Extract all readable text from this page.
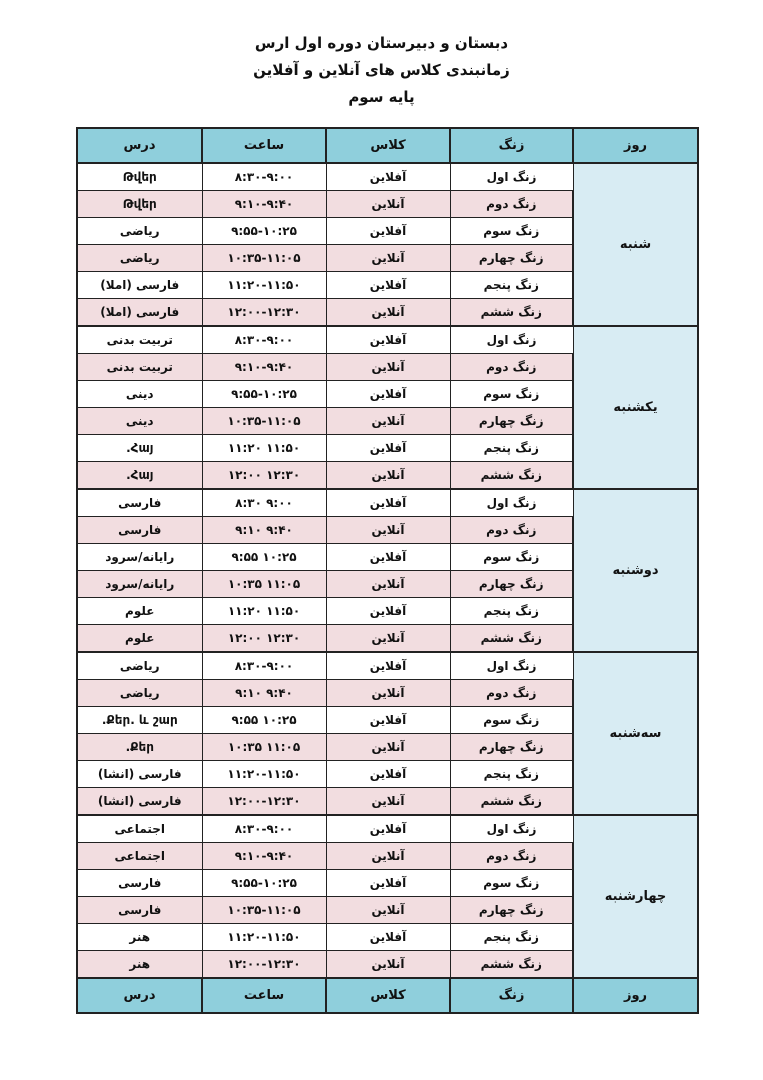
دبستان و دبیرستان دوره اول ارس
زمانبندی کلاس های آنلاین و آفلاین
پایه سوم
روز	زنگ	کلاس	ساعت	درس
شنبه	زنگ اول	آفلاین	۸:۳۰-۹:۰۰	Թվեր
	زنگ دوم	آنلاین	۹:۱۰-۹:۴۰	Թվեր
	زنگ سوم	آفلاین	۹:۵۵-۱۰:۲۵	ریاضی
	زنگ چهارم	آنلاین	۱۰:۳۵-۱۱:۰۵	ریاضی
	زنگ پنجم	آفلاین	۱۱:۲۰-۱۱:۵۰	فارسی (املا)
	زنگ ششم	آنلاین	۱۲:۰۰-۱۲:۳۰	فارسی (املا)
یکشنبه	زنگ اول	آفلاین	۸:۳۰-۹:۰۰	تربیت بدنی
	زنگ دوم	آنلاین	۹:۱۰-۹:۴۰	تربیت بدنی
	زنگ سوم	آفلاین	۹:۵۵-۱۰:۲۵	دینی
	زنگ چهارم	آنلاین	۱۰:۳۵-۱۱:۰۵	دینی
	زنگ پنجم	آفلاین	۱۱:۲۰ ۱۱:۵۰	Հայ.
	زنگ ششم	آنلاین	۱۲:۰۰ ۱۲:۳۰	Հայ.
دوشنبه	زنگ اول	آفلاین	۸:۳۰ ۹:۰۰	فارسی
	زنگ دوم	آنلاین	۹:۱۰ ۹:۴۰	فارسی
	زنگ سوم	آفلاین	۹:۵۵ ۱۰:۲۵	رایانه/سرود
	زنگ چهارم	آنلاین	۱۰:۳۵ ۱۱:۰۵	رایانه/سرود
	زنگ پنجم	آفلاین	۱۱:۲۰ ۱۱:۵۰	علوم
	زنگ ششم	آنلاین	۱۲:۰۰ ۱۲:۳۰	علوم
سه‌شنبه	زنگ اول	آفلاین	۸:۳۰-۹:۰۰	ریاضی
	زنگ دوم	آنلاین	۹:۱۰ ۹:۴۰	ریاضی
	زنگ سوم	آفلاین	۹:۵۵ ۱۰:۲۵	Քեր. և շար.
	زنگ چهارم	آنلاین	۱۰:۳۵ ۱۱:۰۵	Քեր.
	زنگ پنجم	آفلاین	۱۱:۲۰-۱۱:۵۰	فارسی (انشا)
	زنگ ششم	آنلاین	۱۲:۰۰-۱۲:۳۰	فارسی (انشا)
چهارشنبه	زنگ اول	آفلاین	۸:۳۰-۹:۰۰	اجتماعی
	زنگ دوم	آنلاین	۹:۱۰-۹:۴۰	اجتماعی
	زنگ سوم	آفلاین	۹:۵۵-۱۰:۲۵	فارسی
	زنگ چهارم	آنلاین	۱۰:۳۵-۱۱:۰۵	فارسی
	زنگ پنجم	آفلاین	۱۱:۲۰-۱۱:۵۰	هنر
	زنگ ششم	آنلاین	۱۲:۰۰-۱۲:۳۰	هنر
روز	زنگ	کلاس	ساعت	درس
